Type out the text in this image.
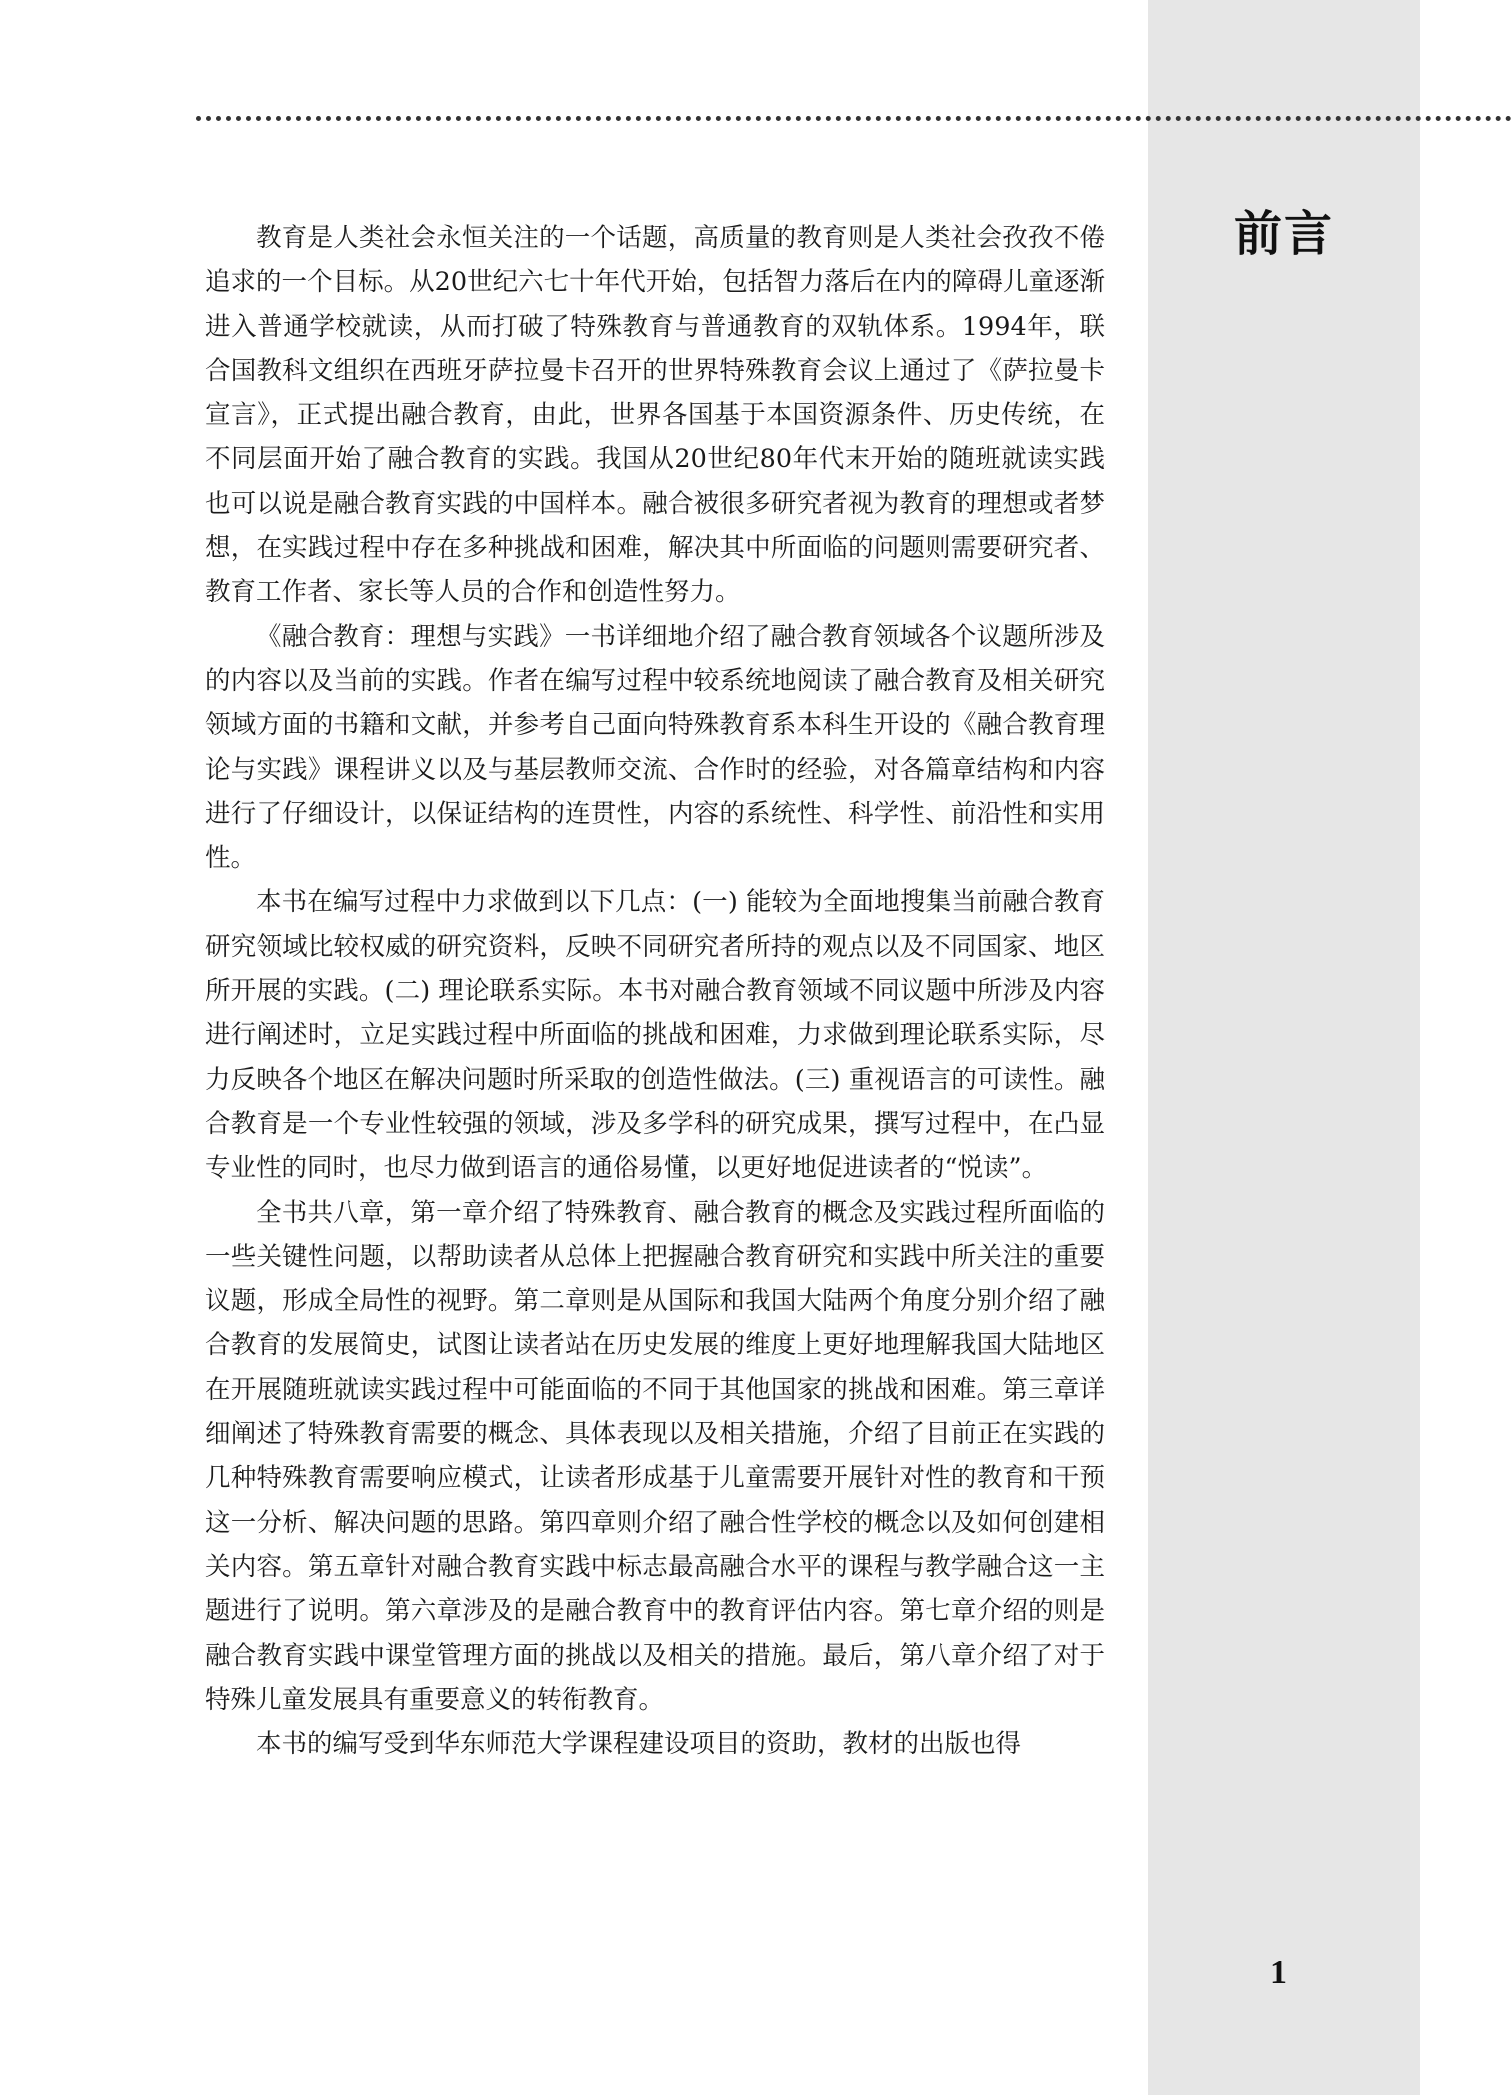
前言

教育是人类社会永恒关注的一个话题，高质量的教育则是人类社会孜孜不倦追求的一个目标。从20世纪六七十年代开始，包括智力落后在内的障碍儿童逐渐进入普通学校就读，从而打破了特殊教育与普通教育的双轨体系。1994年，联合国教科文组织在西班牙萨拉曼卡召开的世界特殊教育会议上通过了《萨拉曼卡宣言》，正式提出融合教育，由此，世界各国基于本国资源条件、历史传统，在不同层面开始了融合教育的实践。我国从20世纪80年代末开始的随班就读实践也可以说是融合教育实践的中国样本。融合被很多研究者视为教育的理想或者梦想，在实践过程中存在多种挑战和困难，解决其中所面临的问题则需要研究者、教育工作者、家长等人员的合作和创造性努力。

《融合教育：理想与实践》一书详细地介绍了融合教育领域各个议题所涉及的内容以及当前的实践。作者在编写过程中较系统地阅读了融合教育及相关研究领域方面的书籍和文献，并参考自己面向特殊教育系本科生开设的《融合教育理论与实践》课程讲义以及与基层教师交流、合作时的经验，对各篇章结构和内容进行了仔细设计，以保证结构的连贯性，内容的系统性、科学性、前沿性和实用性。

本书在编写过程中力求做到以下几点：(一) 能较为全面地搜集当前融合教育研究领域比较权威的研究资料，反映不同研究者所持的观点以及不同国家、地区所开展的实践。(二) 理论联系实际。本书对融合教育领域不同议题中所涉及内容进行阐述时，立足实践过程中所面临的挑战和困难，力求做到理论联系实际，尽力反映各个地区在解决问题时所采取的创造性做法。(三) 重视语言的可读性。融合教育是一个专业性较强的领域，涉及多学科的研究成果，撰写过程中，在凸显专业性的同时，也尽力做到语言的通俗易懂，以更好地促进读者的“悦读”。

全书共八章，第一章介绍了特殊教育、融合教育的概念及实践过程所面临的一些关键性问题，以帮助读者从总体上把握融合教育研究和实践中所关注的重要议题，形成全局性的视野。第二章则是从国际和我国大陆两个角度分别介绍了融合教育的发展简史，试图让读者站在历史发展的维度上更好地理解我国大陆地区在开展随班就读实践过程中可能面临的不同于其他国家的挑战和困难。第三章详细阐述了特殊教育需要的概念、具体表现以及相关措施，介绍了目前正在实践的几种特殊教育需要响应模式，让读者形成基于儿童需要开展针对性的教育和干预这一分析、解决问题的思路。第四章则介绍了融合性学校的概念以及如何创建相关内容。第五章针对融合教育实践中标志最高融合水平的课程与教学融合这一主题进行了说明。第六章涉及的是融合教育中的教育评估内容。第七章介绍的则是融合教育实践中课堂管理方面的挑战以及相关的措施。最后，第八章介绍了对于特殊儿童发展具有重要意义的转衔教育。

本书的编写受到华东师范大学课程建设项目的资助，教材的出版也得

1
